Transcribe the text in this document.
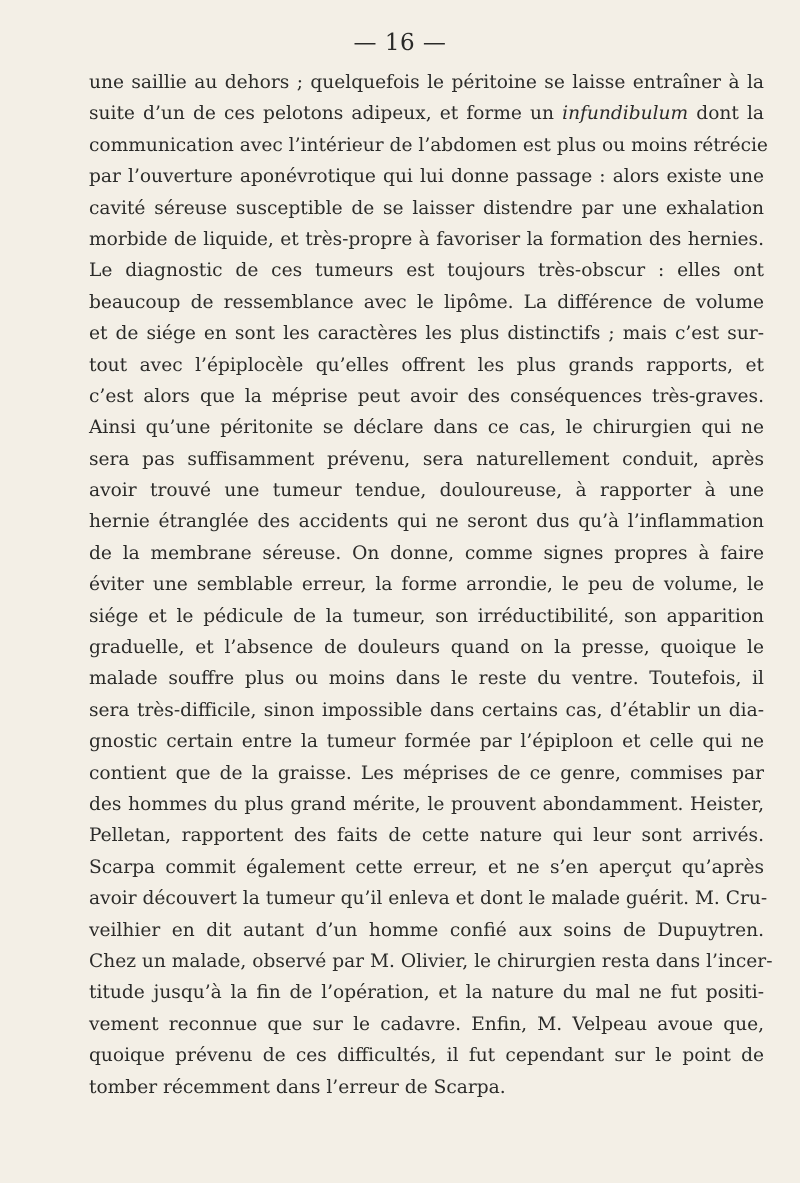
— 16 —
une saillie au dehors ; quelquefois le péritoine se laisse entraîner à la
suite d’un de ces pelotons adipeux, et forme un infundibulum dont la
communication avec l’intérieur de l’abdomen est plus ou moins rétrécie
par l’ouverture aponévrotique qui lui donne passage : alors existe une
cavité séreuse susceptible de se laisser distendre par une exhalation
morbide de liquide, et très-propre à favoriser la formation des hernies.
Le diagnostic de ces tumeurs est toujours très-obscur : elles ont
beaucoup de ressemblance avec le lipôme. La différence de volume
et de siége en sont les caractères les plus distinctifs ; mais c’est sur-
tout avec l’épiplocèle qu’elles offrent les plus grands rapports, et
c’est alors que la méprise peut avoir des conséquences très-graves.
Ainsi qu’une péritonite se déclare dans ce cas, le chirurgien qui ne
sera pas suffisamment prévenu, sera naturellement conduit, après
avoir trouvé une tumeur tendue, douloureuse, à rapporter à une
hernie étranglée des accidents qui ne seront dus qu’à l’inflammation
de la membrane séreuse. On donne, comme signes propres à faire
éviter une semblable erreur, la forme arrondie, le peu de volume, le
siége et le pédicule de la tumeur, son irréductibilité, son apparition
graduelle, et l’absence de douleurs quand on la presse, quoique le
malade souffre plus ou moins dans le reste du ventre. Toutefois, il
sera très-difficile, sinon impossible dans certains cas, d’établir un dia-
gnostic certain entre la tumeur formée par l’épiploon et celle qui ne
contient que de la graisse. Les méprises de ce genre, commises par
des hommes du plus grand mérite, le prouvent abondamment. Heister,
Pelletan, rapportent des faits de cette nature qui leur sont arrivés.
Scarpa commit également cette erreur, et ne s’en aperçut qu’après
avoir découvert la tumeur qu’il enleva et dont le malade guérit. M. Cru-
veilhier en dit autant d’un homme confié aux soins de Dupuytren.
Chez un malade, observé par M. Olivier, le chirurgien resta dans l’incer-
titude jusqu’à la fin de l’opération, et la nature du mal ne fut positi-
vement reconnue que sur le cadavre. Enfin, M. Velpeau avoue que,
quoique prévenu de ces difficultés, il fut cependant sur le point de
tomber récemment dans l’erreur de Scarpa.
